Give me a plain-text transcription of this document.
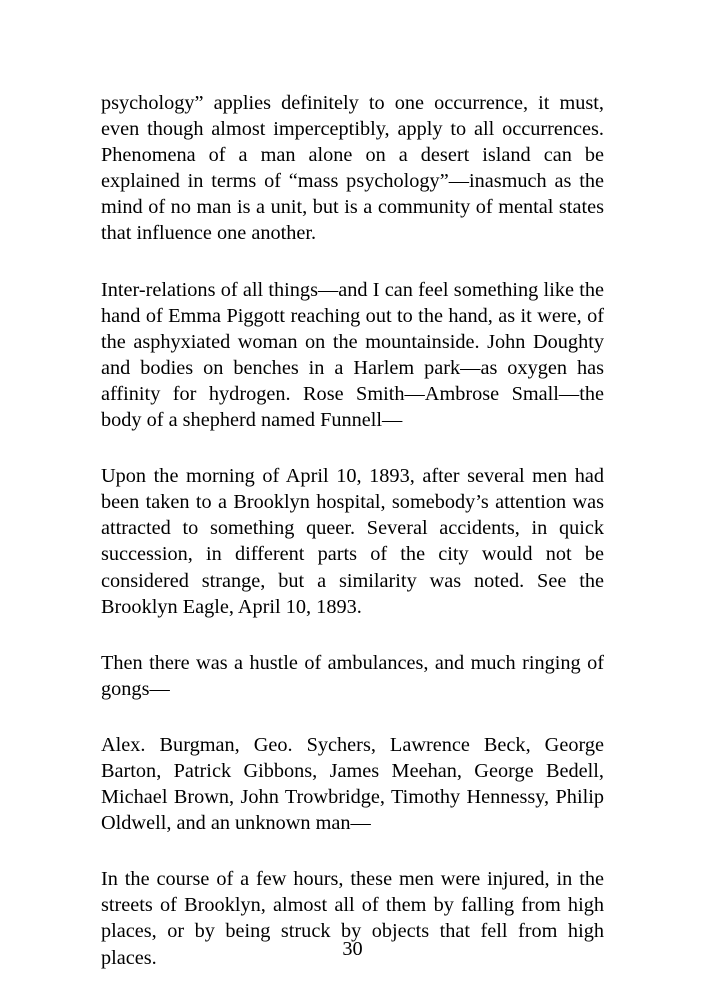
psychology” applies definitely to one occurrence, it must, even though almost imperceptibly, apply to all occurrences. Phenomena of a man alone on a desert island can be explained in terms of “mass psychology”—inasmuch as the mind of no man is a unit, but is a community of mental states that influence one another.

Inter-relations of all things—and I can feel something like the hand of Emma Piggott reaching out to the hand, as it were, of the asphyxiated woman on the mountainside. John Doughty and bodies on benches in a Harlem park—as oxygen has affinity for hydrogen. Rose Smith—Ambrose Small—the body of a shepherd named Funnell—

Upon the morning of April 10, 1893, after several men had been taken to a Brooklyn hospital, somebody’s attention was attracted to something queer. Several accidents, in quick succession, in different parts of the city would not be considered strange, but a similarity was noted. See the Brooklyn Eagle, April 10, 1893.

Then there was a hustle of ambulances, and much ringing of gongs—

Alex. Burgman, Geo. Sychers, Lawrence Beck, George Barton, Patrick Gibbons, James Meehan, George Bedell, Michael Brown, John Trowbridge, Timothy Hennessy, Philip Oldwell, and an unknown man—

In the course of a few hours, these men were injured, in the streets of Brooklyn, almost all of them by falling from high places, or by being struck by objects that fell from high places.	30
